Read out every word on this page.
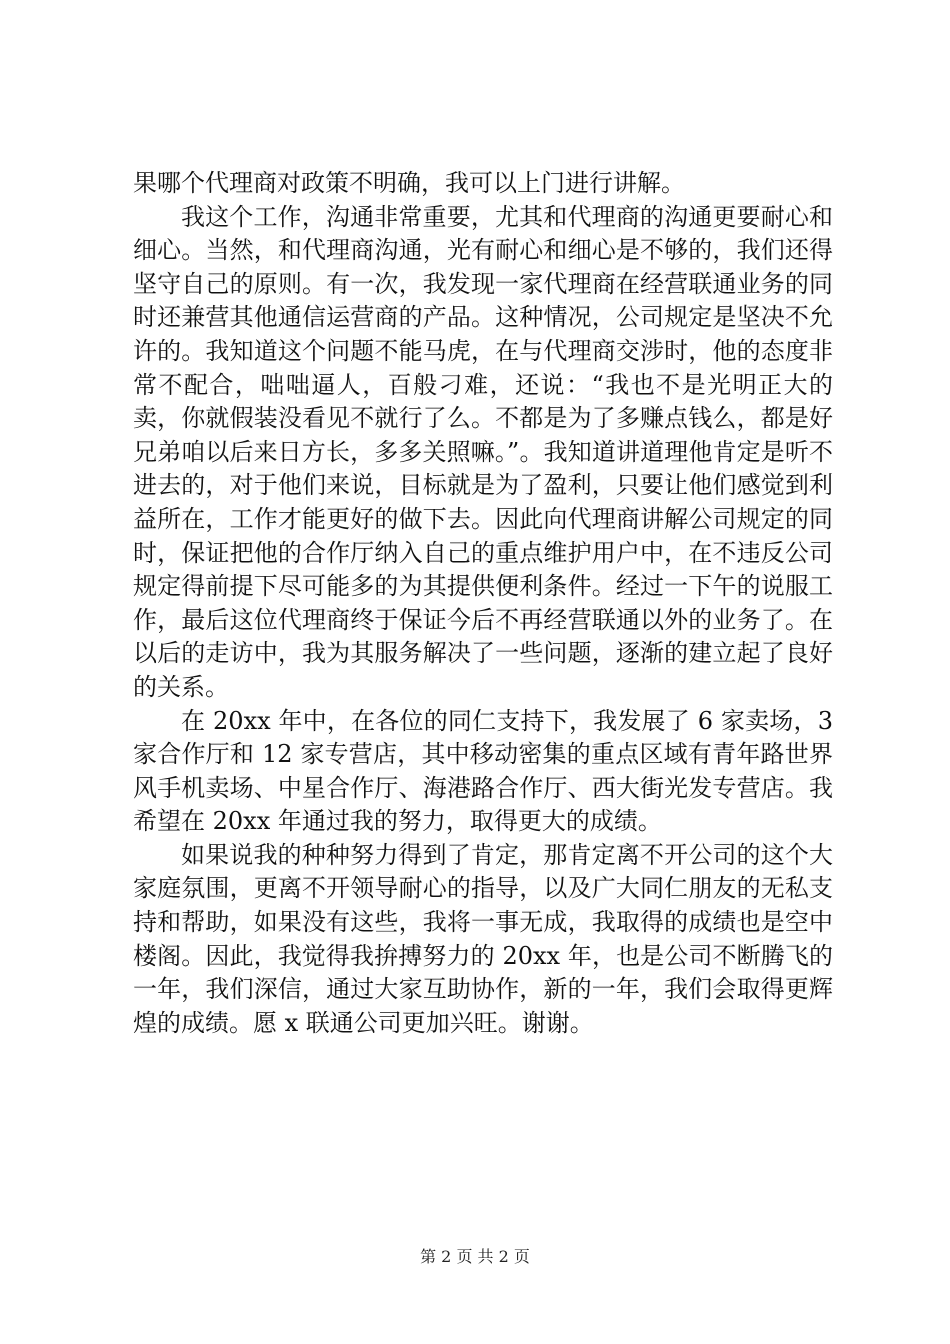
果哪个代理商对政策不明确，我可以上门进行讲解。

我这个工作，沟通非常重要，尤其和代理商的沟通更要耐心和细心。当然，和代理商沟通，光有耐心和细心是不够的，我们还得坚守自己的原则。有一次，我发现一家代理商在经营联通业务的同时还兼营其他通信运营商的产品。这种情况，公司规定是坚决不允许的。我知道这个问题不能马虎，在与代理商交涉时，他的态度非常不配合，咄咄逼人，百般刁难，还说：“我也不是光明正大的卖，你就假装没看见不就行了么。不都是为了多赚点钱么，都是好兄弟咱以后来日方长，多多关照嘛。”。我知道讲道理他肯定是听不进去的，对于他们来说，目标就是为了盈利，只要让他们感觉到利益所在，工作才能更好的做下去。因此向代理商讲解公司规定的同时，保证把他的合作厅纳入自己的重点维护用户中，在不违反公司规定得前提下尽可能多的为其提供便利条件。经过一下午的说服工作，最后这位代理商终于保证今后不再经营联通以外的业务了。在以后的走访中，我为其服务解决了一些问题，逐渐的建立起了良好的关系。

在 20xx 年中，在各位的同仁支持下，我发展了 6 家卖场，3 家合作厅和 12 家专营店，其中移动密集的重点区域有青年路世界风手机卖场、中星合作厅、海港路合作厅、西大街光发专营店。我希望在 20xx 年通过我的努力，取得更大的成绩。

如果说我的种种努力得到了肯定，那肯定离不开公司的这个大家庭氛围，更离不开领导耐心的指导，以及广大同仁朋友的无私支持和帮助，如果没有这些，我将一事无成，我取得的成绩也是空中楼阁。因此，我觉得我拚搏努力的 20xx 年，也是公司不断腾飞的一年，我们深信，通过大家互助协作，新的一年，我们会取得更辉煌的成绩。愿 x 联通公司更加兴旺。谢谢。

第 2 页 共 2 页
